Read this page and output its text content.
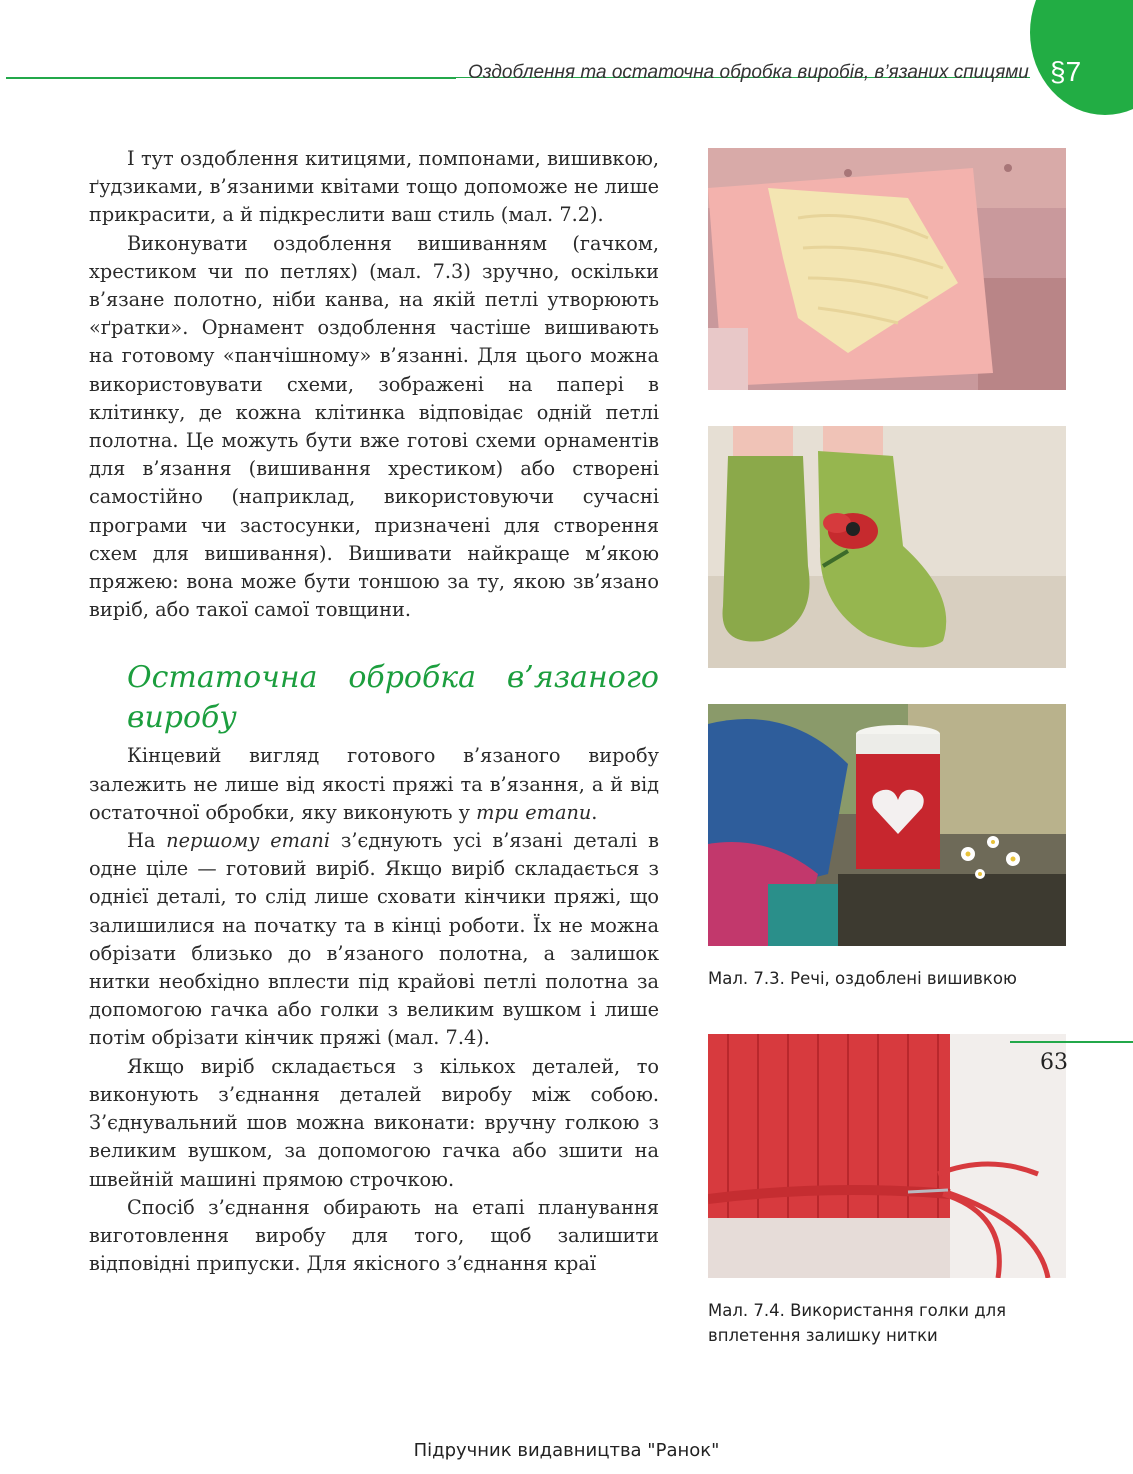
Оздоблення та остаточна обробка виробів, в’язаних спицями §7

І тут оздоблення китицями, помпонами, вишивкою, ґудзиками, в’язаними квітами тощо допоможе не лише прикрасити, а й підкреслити ваш стиль (мал. 7.2).

Виконувати оздоблення вишиванням (гачком, хрестиком чи по петлях) (мал. 7.3) зручно, оскільки в’язане полотно, ніби канва, на якій петлі утворюють «ґратки». Орнамент оздоблення частіше вишивають на готовому «панчішному» в’язанні. Для цього можна використовувати схеми, зображені на папері в клітинку, де кожна клітинка відповідає одній петлі полотна. Це можуть бути вже готові схеми орнаментів для в’язання (вишивання хрестиком) або створені самостійно (наприклад, використовуючи сучасні програми чи застосунки, призначені для створення схем для вишивання). Вишивати найкраще м’якою пряжею: вона може бути тоншою за ту, якою зв’язано виріб, або такої самої товщини.

Остаточна обробка в’язаного виробу

Кінцевий вигляд готового в’язаного виробу залежить не лише від якості пряжі та в’язання, а й від остаточної обробки, яку виконують у три етапи.

На першому етапі з’єднують усі в’язані деталі в одне ціле — готовий виріб. Якщо виріб складається з однієї деталі, то слід лише сховати кінчики пряжі, що залишилися на початку та в кінці роботи. Їх не можна обрізати близько до в’язаного полотна, а залишок нитки необхідно вплести під крайові петлі полотна за допомогою гачка або голки з великим вушком і лише потім обрізати кінчик пряжі (мал. 7.4).

Якщо виріб складається з кількох деталей, то виконують з’єднання деталей виробу між собою. З’єднувальний шов можна виконати: вручну голкою з великим вушком, за допомогою гачка або зшити на швейній машині прямою строчкою.

Спосіб з’єднання обирають на етапі планування виготовлення виробу для того, щоб залишити відповідні припуски. Для якісного з’єднання краї

Мал. 7.3. Речі, оздоблені вишивкою
Мал. 7.4. Використання голки для
вплетення залишку нитки
63
Підручник видавництва "Ранок"
